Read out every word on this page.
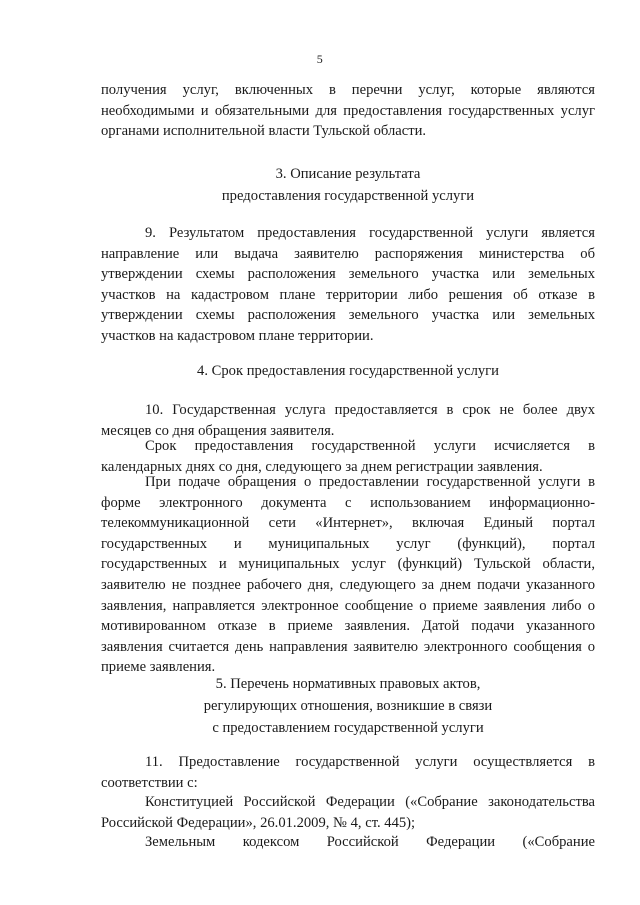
5
получения услуг, включенных в перечни услуг, которые являются
необходимыми и обязательными для предоставления государственных услуг
органами исполнительной власти Тульской области.
3. Описание результата
предоставления государственной услуги
9. Результатом предоставления государственной услуги является
направление или выдача заявителю распоряжения министерства об
утверждении схемы расположения земельного участка или земельных
участков на кадастровом плане территории либо решения об отказе в
утверждении схемы расположения земельного участка или земельных
участков на кадастровом плане территории.
4. Срок предоставления государственной услуги
10. Государственная услуга предоставляется в срок не более двух
месяцев со дня обращения заявителя.
Срок предоставления государственной услуги исчисляется в
календарных днях со дня, следующего за днем регистрации заявления.
При подаче обращения о предоставлении государственной услуги в
форме электронного документа с использованием информационно-
телекоммуникационной сети «Интернет», включая Единый портал
государственных и муниципальных услуг (функций), портал
государственных и муниципальных услуг (функций) Тульской области,
заявителю не позднее рабочего дня, следующего за днем подачи указанного
заявления, направляется электронное сообщение о приеме заявления либо о
мотивированном отказе в приеме заявления. Датой подачи указанного
заявления считается день направления заявителю электронного сообщения о
приеме заявления.
5. Перечень нормативных правовых актов,
регулирующих отношения, возникшие в связи
с предоставлением государственной услуги
11. Предоставление государственной услуги осуществляется в
соответствии с:
Конституцией Российской Федерации («Собрание законодательства
Российской Федерации», 26.01.2009, № 4, ст. 445);
Земельным кодексом Российской Федерации («Собрание
